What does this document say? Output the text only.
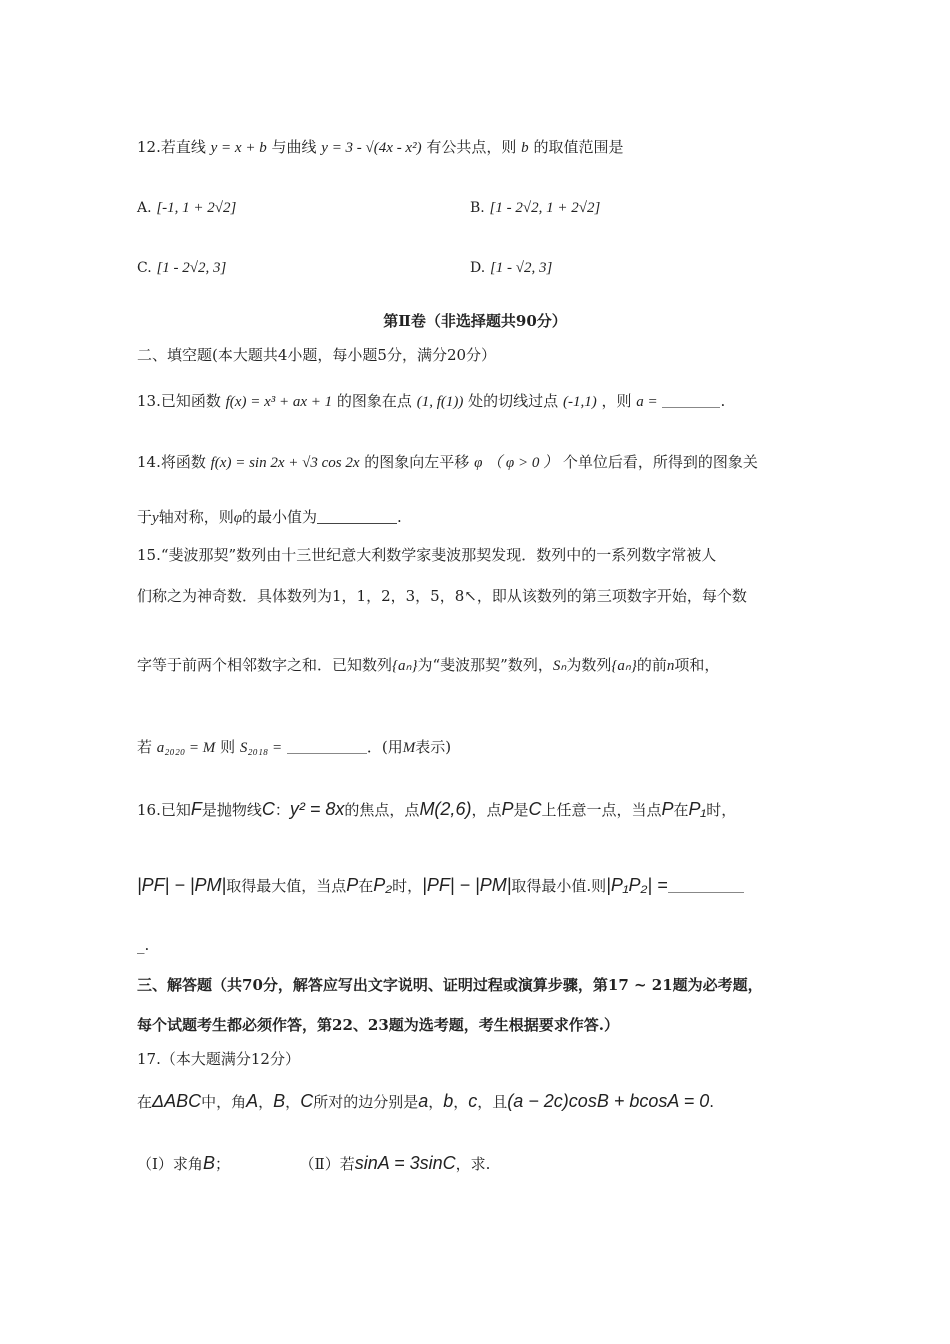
12.若直线 y = x + b 与曲线 y = 3 - √(4x - x²) 有公共点，则 b 的取值范围是
A. [-1, 1 + 2√2]	B. [1 - 2√2, 1 + 2√2]
C. [1 - 2√2, 3]	D. [1 - √2, 3]
第Ⅱ卷（非选择题共90分）
二、填空题(本大题共4小题，每小题5分，满分20分）
13.已知函数 f(x) = x³ + ax + 1 的图象在点 (1, f(1)) 处的切线过点 (-1,1) ，则 a =	.
14.将函数 f(x) = sin 2x + √3 cos 2x 的图象向左平移 φ （ φ > 0 ） 个单位后看，所得到的图象关
于y轴对称，则φ的最小值为	.
15.“斐波那契”数列由十三世纪意大利数学家斐波那契发现．数列中的一系列数字常被人
们称之为神奇数．具体数列为1，1，2，3，5，8↖，即从该数列的第三项数字开始，每个数
字等于前两个相邻数字之和．已知数列{aₙ}为“斐波那契”数列，Sₙ为数列{aₙ}的前n项和，
若 a₂₀₂₀ = M 则 S₂₀₁₈ =	．(用M表示)
16.已知F是抛物线C：y² = 8x的焦点，点M(2,6)，点P是C上任意一点，当点P在P₁时，
|PF| − |PM|取得最大值，当点P在P₂时，|PF| − |PM|取得最小值.则|P₁P₂| =
_.
三、解答题（共70分，解答应写出文字说明、证明过程或演算步骤，第17 ~ 21题为必考题，
每个试题考生都必须作答，第22、23题为选考题，考生根据要求作答.）
17.（本大题满分12分）
在ΔABC中，角A，B，C所对的边分别是a，b，c，且(a − 2c)cosB + bcosA = 0.
（Ⅰ）求角B；	（Ⅱ）若sinA = 3sinC，求.
